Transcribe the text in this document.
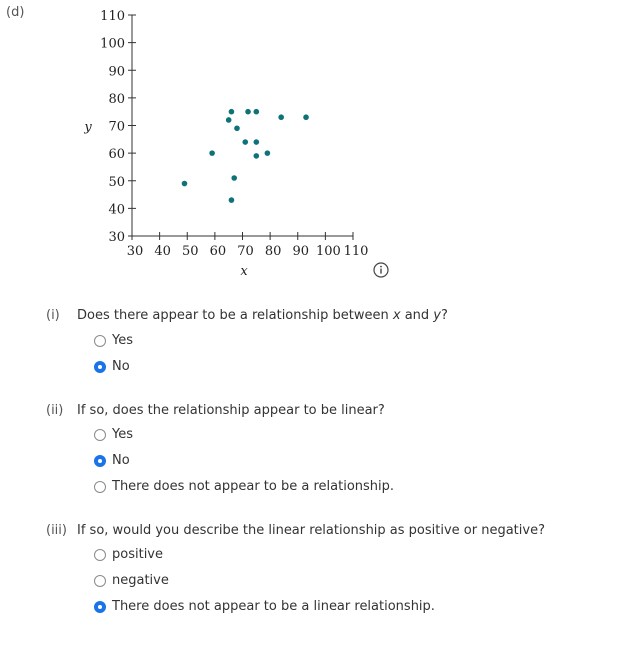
(d)
30 40 50 60 70 80 90 100 110
30
40
50
60
70
80
90
100
110
x
y
(i) Does there appear to be a relationship between x and y?
Yes
No
(ii) If so, does the relationship appear to be linear?
Yes
No
There does not appear to be a relationship.
(iii) If so, would you describe the linear relationship as positive or negative?
positive
negative
There does not appear to be a linear relationship.
